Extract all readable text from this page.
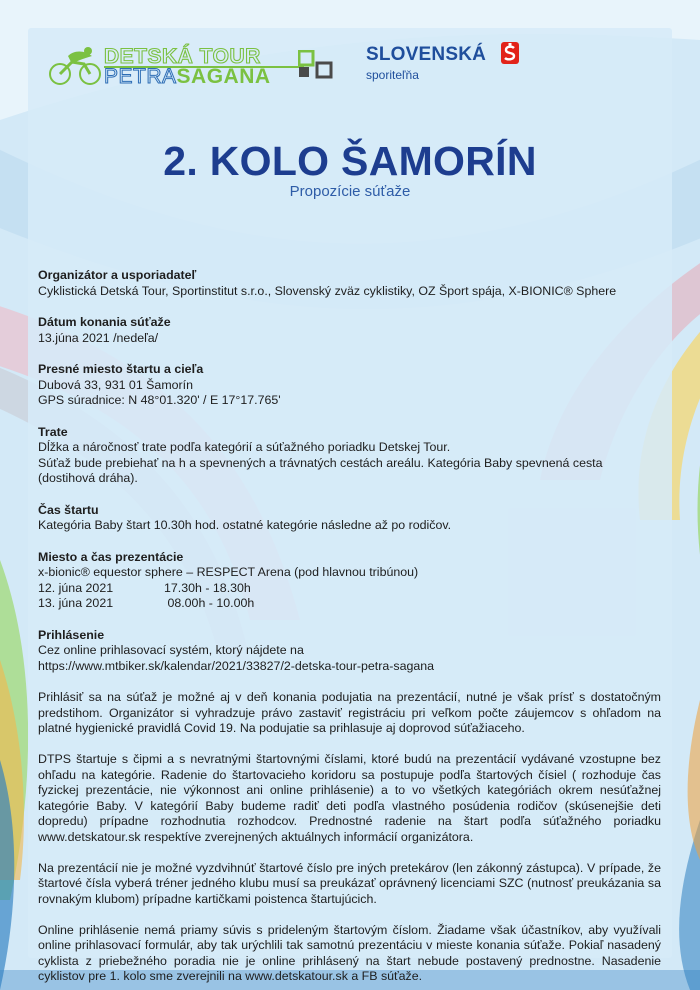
DETSKÁ TOUR
PETRASAGANA
SLOVENSKÁ
sporiteľňa
2. KOLO ŠAMORÍN

Propozície súťaže

Organizátor a usporiadateľ

Cyklistická Detská Tour, Sportinstitut s.r.o., Slovenský zväz cyklistiky, OZ Šport spája, X-BIONIC® Sphere

Dátum konania súťaže

13.júna 2021 /nedeľa/

Presné miesto štartu a cieľa

Dubová 33, 931 01 Šamorín

GPS súradnice: N 48°01.320' / E 17°17.765'

Trate

Dĺžka a náročnosť trate podľa kategórií a súťažného poriadku Detskej Tour.

Súťaž bude prebiehať na h a spevnených a trávnatých cestách areálu. Kategória Baby spevnená cesta (dostihová dráha).

Čas štartu

Kategória Baby štart 10.30h hod. ostatné kategórie následne až po rodičov.

Miesto a čas prezentácie

x-bionic® equestor sphere – RESPECT Arena (pod hlavnou tribúnou)

12. júna 2021	17.30h - 18.30h
13. júna 2021	08.00h - 10.00h
Prihlásenie

Cez online prihlasovací systém, ktorý nájdete na

https://www.mtbiker.sk/kalendar/2021/33827/2-detska-tour-petra-sagana

Prihlásiť sa na súťaž je možné aj v deň konania podujatia na prezentácií, nutné je však prísť s dostatočným predstihom. Organizátor si vyhradzuje právo zastaviť registráciu pri veľkom počte záujemcov s ohľadom na platné hygienické pravidlá Covid 19. Na podujatie sa prihlasuje aj doprovod súťažiaceho.

DTPS štartuje s čipmi a s nevratnými štartovnými číslami, ktoré budú na prezentácií vydávané vzostupne bez ohľadu na kategórie. Radenie do štartovacieho koridoru sa postupuje podľa štartových čísiel ( rozhoduje čas fyzickej prezentácie, nie výkonnost ani online prihlásenie) a to vo všetkých kategóriách okrem nesúťažnej kategórie Baby. V kategórií Baby budeme radiť deti podľa vlastného posúdenia rodičov (skúsenejšie deti dopredu) prípadne rozhodnutia rozhodcov. Prednostné radenie na štart podľa súťažného poriadku www.detskatour.sk respektíve zverejnených aktuálnych informácií organizátora.

Na prezentácií nie je možné vyzdvihnúť štartové číslo pre iných pretekárov (len zákonný zástupca). V prípade, že štartové čísla vyberá tréner jedného klubu musí sa preukázať oprávnený licenciami SZC (nutnosť preukázania sa rovnakým klubom) prípadne kartičkami poistenca štartujúcich.

Online prihlásenie nemá priamy súvis s prideleným štartovým číslom. Žiadame však účastníkov, aby využívali online prihlasovací formulár, aby tak urýchlili tak samotnú prezentáciu v mieste konania súťaže. Pokiaľ nasadený cyklista z priebežného poradia nie je online prihlásený na štart nebude postavený prednostne. Nasadenie cyklistov pre 1. kolo sme zverejnili na www.detskatour.sk a FB súťaže.
